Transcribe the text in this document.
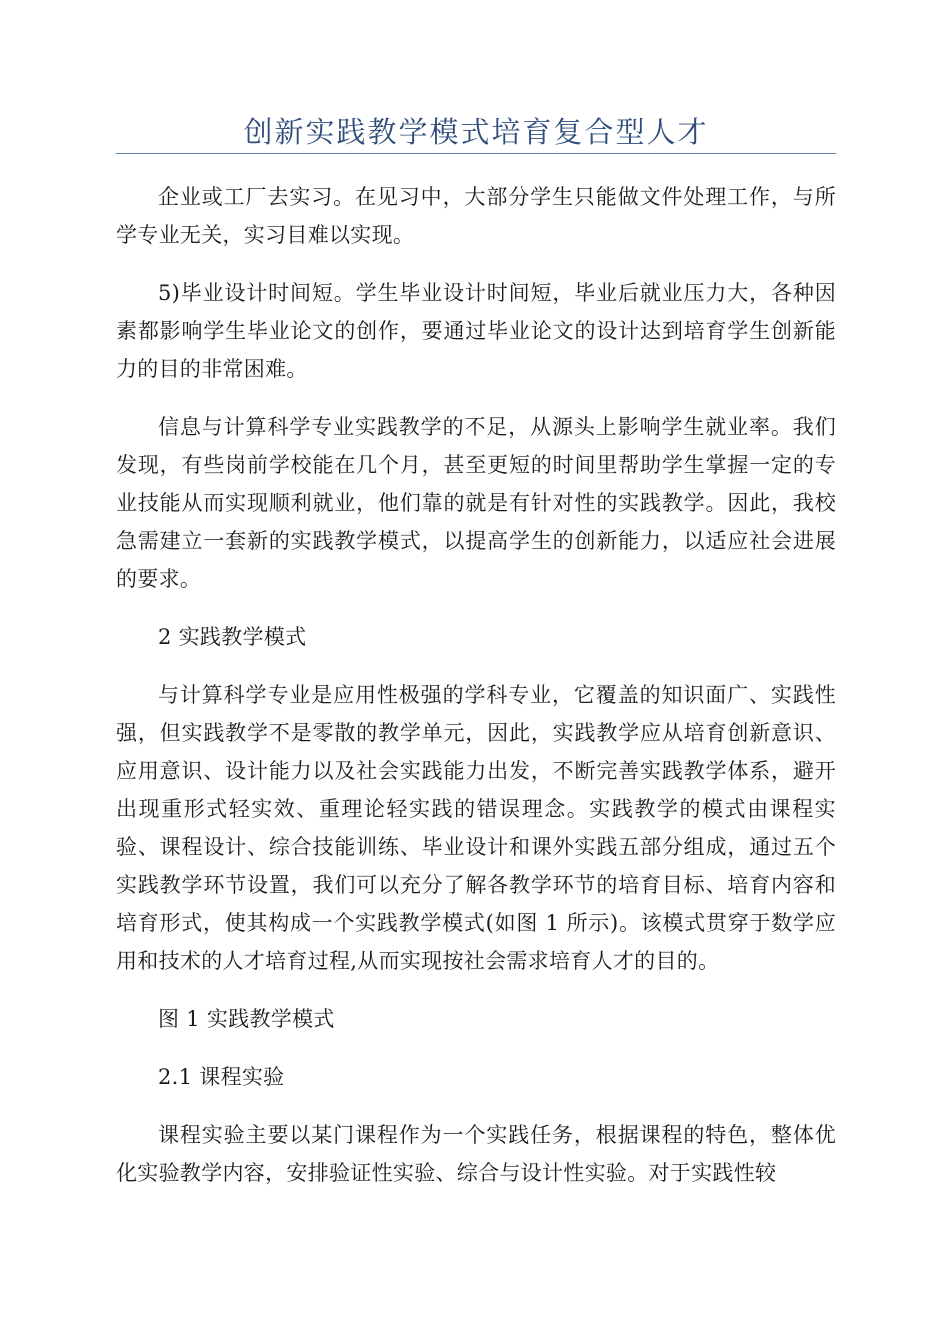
创新实践教学模式培育复合型人才

企业或工厂去实习。在见习中，大部分学生只能做文件处理工作，与所学专业无关，实习目难以实现。

5)毕业设计时间短。学生毕业设计时间短，毕业后就业压力大，各种因素都影响学生毕业论文的创作，要通过毕业论文的设计达到培育学生创新能力的目的非常困难。

信息与计算科学专业实践教学的不足，从源头上影响学生就业率。我们发现，有些岗前学校能在几个月，甚至更短的时间里帮助学生掌握一定的专业技能从而实现顺利就业，他们靠的就是有针对性的实践教学。因此，我校急需建立一套新的实践教学模式，以提高学生的创新能力，以适应社会进展的要求。

2 实践教学模式

与计算科学专业是应用性极强的学科专业，它覆盖的知识面广、实践性强，但实践教学不是零散的教学单元，因此，实践教学应从培育创新意识、应用意识、设计能力以及社会实践能力出发，不断完善实践教学体系，避开出现重形式轻实效、重理论轻实践的错误理念。实践教学的模式由课程实验、课程设计、综合技能训练、毕业设计和课外实践五部分组成，通过五个实践教学环节设置，我们可以充分了解各教学环节的培育目标、培育内容和培育形式，使其构成一个实践教学模式(如图 1 所示)。该模式贯穿于数学应用和技术的人才培育过程,从而实现按社会需求培育人才的目的。

图 1 实践教学模式

2.1 课程实验

课程实验主要以某门课程作为一个实践任务，根据课程的特色，整体优化实验教学内容，安排验证性实验、综合与设计性实验。对于实践性较
